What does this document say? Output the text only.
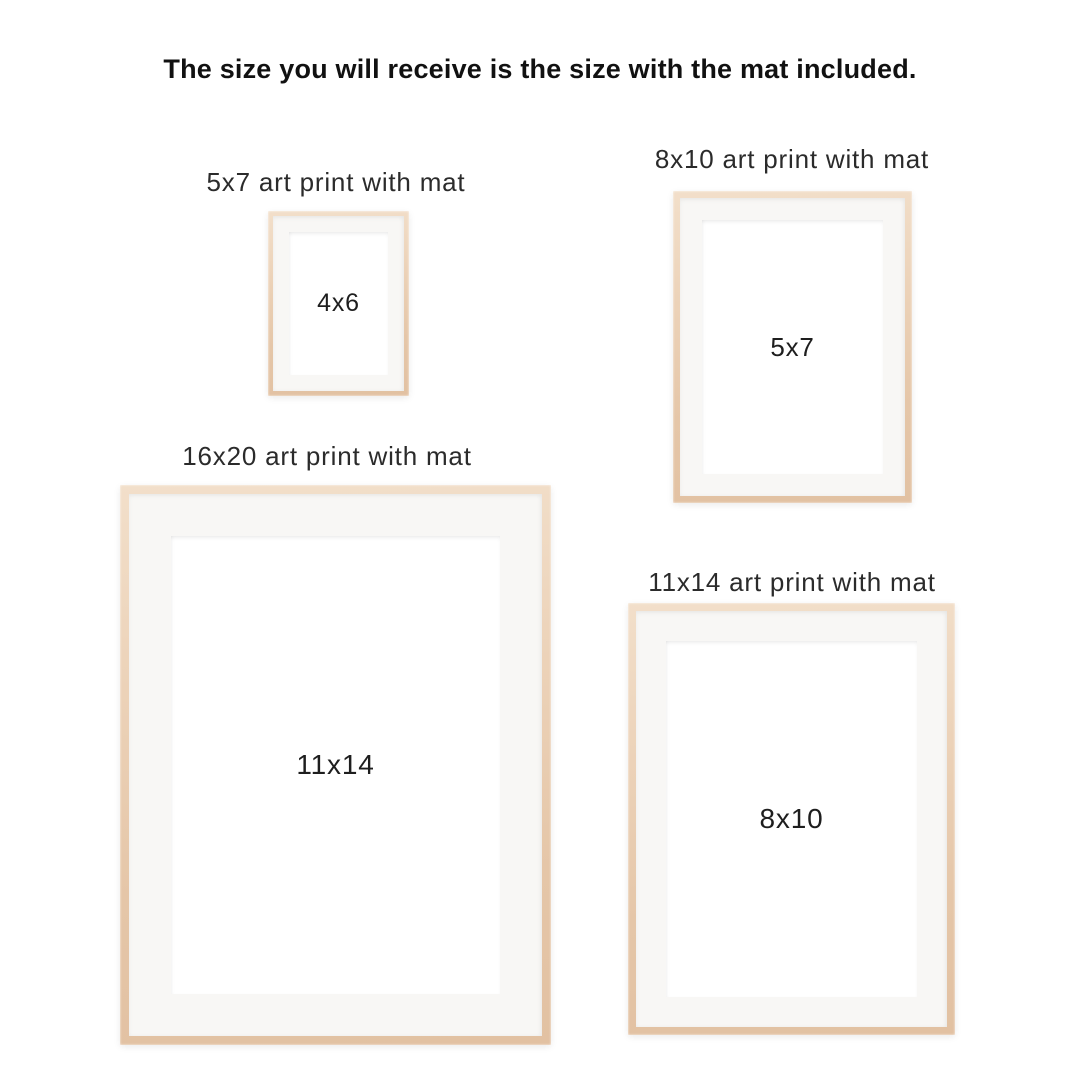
The size you will receive is the size with the mat included.
5x7 art print with mat
8x10 art print with mat
16x20 art print with mat
11x14 art print with mat
4x6
5x7
11x14
8x10
